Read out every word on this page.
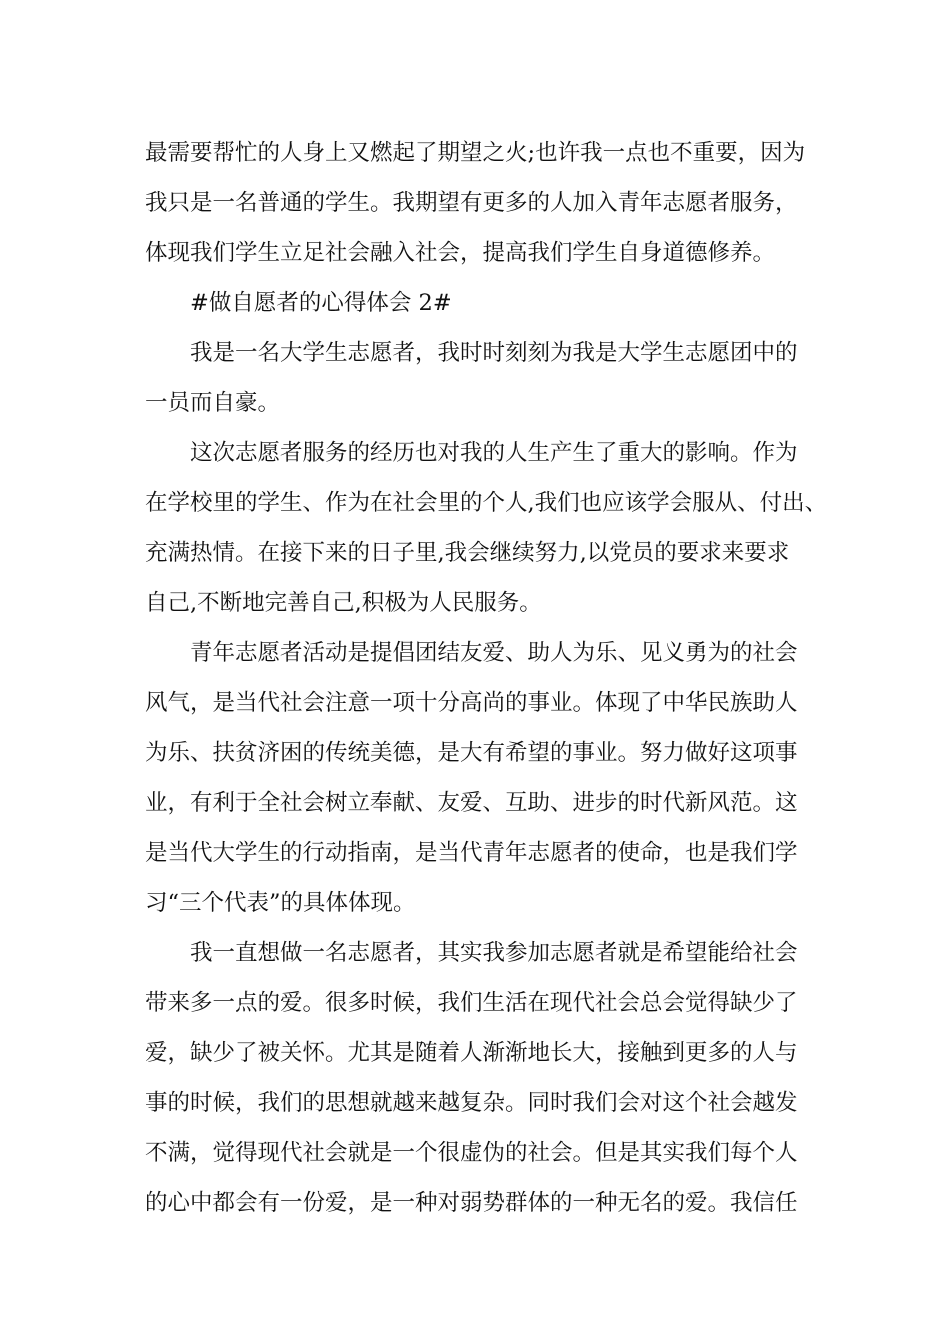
最需要帮忙的人身上又燃起了期望之火;也许我一点也不重要，因为
我只是一名普通的学生。我期望有更多的人加入青年志愿者服务，
体现我们学生立足社会融入社会，提高我们学生自身道德修养。
#做自愿者的心得体会 2#
我是一名大学生志愿者，我时时刻刻为我是大学生志愿团中的
一员而自豪。
这次志愿者服务的经历也对我的人生产生了重大的影响。作为
在学校里的学生、作为在社会里的个人,我们也应该学会服从、付出、
充满热情。在接下来的日子里,我会继续努力,以党员的要求来要求
自己,不断地完善自己,积极为人民服务。
青年志愿者活动是提倡团结友爱、助人为乐、见义勇为的社会
风气，是当代社会注意一项十分高尚的事业。体现了中华民族助人
为乐、扶贫济困的传统美德，是大有希望的事业。努力做好这项事
业，有利于全社会树立奉献、友爱、互助、进步的时代新风范。这
是当代大学生的行动指南，是当代青年志愿者的使命，也是我们学
习“三个代表”的具体体现。
我一直想做一名志愿者，其实我参加志愿者就是希望能给社会
带来多一点的爱。很多时候，我们生活在现代社会总会觉得缺少了
爱，缺少了被关怀。尤其是随着人渐渐地长大，接触到更多的人与
事的时候，我们的思想就越来越复杂。同时我们会对这个社会越发
不满，觉得现代社会就是一个很虚伪的社会。但是其实我们每个人
的心中都会有一份爱，是一种对弱势群体的一种无名的爱。我信任
